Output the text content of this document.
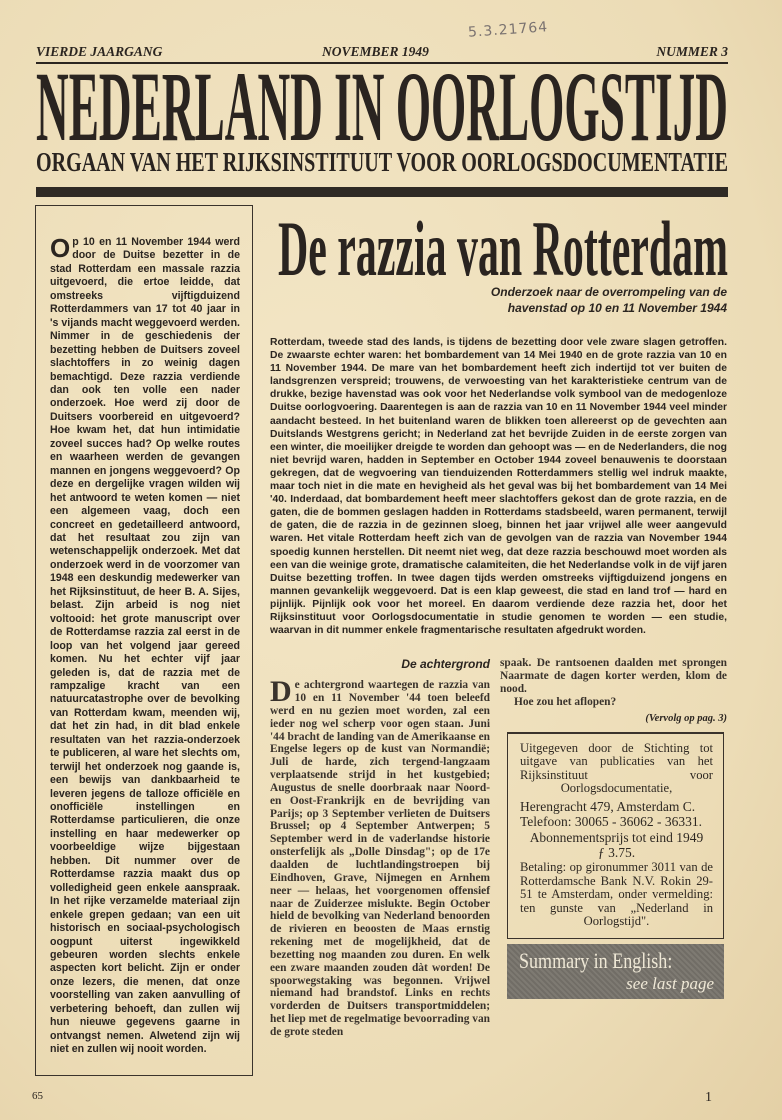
5.3.21764
VIERDE JAARGANG	NOVEMBER 1949	NUMMER 3
NEDERLAND IN OORLOGSTIJD
ORGAAN VAN HET RIJKSINSTITUUT VOOR OORLOGSDOCUMENTATIE
Op 10 en 11 November 1944 werd door de Duitse bezetter in de stad Rotterdam een massale razzia uitgevoerd, die ertoe leidde, dat omstreeks vijftigduizend Rotterdammers van 17 tot 40 jaar in 's vijands macht weggevoerd werden. Nimmer in de geschiedenis der bezetting hebben de Duitsers zoveel slachtoffers in zo weinig dagen bemachtigd. Deze razzia verdiende dan ook ten volle een nader onderzoek. Hoe werd zij door de Duitsers voorbereid en uitgevoerd? Hoe kwam het, dat hun intimidatie zoveel succes had? Op welke routes en waarheen werden de gevangen mannen en jongens weggevoerd? Op deze en dergelijke vragen wilden wij het antwoord te weten komen — niet een algemeen vaag, doch een concreet en gedetailleerd antwoord, dat het resultaat zou zijn van wetenschappelijk onderzoek. Met dat onderzoek werd in de voorzomer van 1948 een deskundig medewerker van het Rijksinstituut, de heer B. A. Sijes, belast. Zijn arbeid is nog niet voltooid: het grote manuscript over de Rotterdamse razzia zal eerst in de loop van het volgend jaar gereed komen. Nu het echter vijf jaar geleden is, dat de razzia met de rampzalige kracht van een natuurcatastrophe over de bevolking van Rotterdam kwam, meenden wij, dat het zin had, in dit blad enkele resultaten van het razzia-onderzoek te publiceren, al ware het slechts om, terwijl het onderzoek nog gaande is, een bewijs van dankbaarheid te leveren jegens de talloze officiële en onofficiële instellingen en Rotterdamse particulieren, die onze instelling en haar medewerker op voorbeeldige wijze bijgestaan hebben. Dit nummer over de Rotterdamse razzia maakt dus op volledigheid geen enkele aanspraak. In het rijke verzamelde materiaal zijn enkele grepen gedaan; van een uit historisch en sociaal-psychologisch oogpunt uiterst ingewikkeld gebeuren worden slechts enkele aspecten kort belicht. Zijn er onder onze lezers, die menen, dat onze voorstelling van zaken aanvulling of verbetering behoeft, dan zullen wij hun nieuwe gegevens gaarne in ontvangst nemen. Alwetend zijn wij niet en zullen wij nooit worden.
De razzia van Rotterdam
Onderzoek naar de overrompeling van de
havenstad op 10 en 11 November 1944
Rotterdam, tweede stad des lands, is tijdens de bezetting door vele zware slagen getroffen. De zwaarste echter waren: het bombardement van 14 Mei 1940 en de grote razzia van 10 en 11 November 1944. De mare van het bombardement heeft zich indertijd tot ver buiten de landsgrenzen verspreid; trouwens, de verwoesting van het karakteristieke centrum van de drukke, bezige havenstad was ook voor het Nederlandse volk symbool van de medogenloze Duitse oorlogvoering. Daarentegen is aan de razzia van 10 en 11 November 1944 veel minder aandacht besteed. In het buitenland waren de blikken toen allereerst op de gevechten aan Duitslands Westgrens gericht; in Nederland zat het bevrijde Zuiden in de eerste zorgen van een winter, die moeilijker dreigde te worden dan gehoopt was — en de Nederlanders, die nog niet bevrijd waren, hadden in September en October 1944 zoveel benauwenis te doorstaan gekregen, dat de wegvoering van tienduizenden Rotterdammers stellig wel indruk maakte, maar toch niet in die mate en hevigheid als het geval was bij het bombardement van 14 Mei '40. Inderdaad, dat bombardement heeft meer slachtoffers gekost dan de grote razzia, en de gaten, die de bommen geslagen hadden in Rotterdams stadsbeeld, waren permanent, terwijl de gaten, die de razzia in de gezinnen sloeg, binnen het jaar vrijwel alle weer aangevuld waren. Het vitale Rotterdam heeft zich van de gevolgen van de razzia van November 1944 spoedig kunnen herstellen. Dit neemt niet weg, dat deze razzia beschouwd moet worden als een van die weinige grote, dramatische calamiteiten, die het Nederlandse volk in de vijf jaren Duitse bezetting troffen. In twee dagen tijds werden omstreeks vijftigduizend jongens en mannen gevankelijk weggevoerd. Dat is een klap geweest, die stad en land trof — hard en pijnlijk. Pijnlijk ook voor het moreel. En daarom verdiende deze razzia het, door het Rijksinstituut voor Oorlogsdocumentatie in studie genomen te worden — een studie, waarvan in dit nummer enkele fragmentarische resultaten afgedrukt worden.
De achtergrond
De achtergrond waartegen de razzia van 10 en 11 November '44 toen beleefd werd en nu gezien moet worden, zal een ieder nog wel scherp voor ogen staan. Juni '44 bracht de landing van de Amerikaanse en Engelse legers op de kust van Normandië; Juli de harde, zich tergend-langzaam verplaatsende strijd in het kustgebied; Augustus de snelle doorbraak naar Noord- en Oost-Frankrijk en de bevrijding van Parijs; op 3 September verlieten de Duitsers Brussel; op 4 September Antwerpen; 5 September werd in de vaderlandse historie onsterfelijk als „Dolle Dinsdag"; op de 17e daalden de luchtlandingstroepen bij Eindhoven, Grave, Nijmegen en Arnhem neer — helaas, het voorgenomen offensief naar de Zuiderzee mislukte. Begin October hield de bevolking van Nederland benoorden de rivieren en beoosten de Maas ernstig rekening met de mogelijkheid, dat de bezetting nog maanden zou duren. En welk een zware maanden zouden dàt worden! De spoorwegstaking was begonnen. Vrijwel niemand had brandstof. Links en rechts vorderden de Duitsers transportmiddelen; het liep met de regelmatige bevoorrading van de grote steden
spaak. De rantsoenen daalden met sprongen Naarmate de dagen korter werden, klom de nood.
Hoe zou het aflopen?
(Vervolg op pag. 3)

Uitgegeven door de Stichting tot uitgave van publicaties van het Rijksinstituut voor Oorlogsdocumentatie,

Herengracht 479, Amsterdam C.

Telefoon: 30065 - 36062 - 36331.

Abonnementsprijs tot eind 1949

ƒ 3.75.

Betaling: op gironummer 3011 van de Rotterdamsche Bank N.V. Rokin 29-51 te Amsterdam, onder vermelding: ten gunste van „Nederland in Oorlogstijd".

Summary in English:
see last page
65	1
